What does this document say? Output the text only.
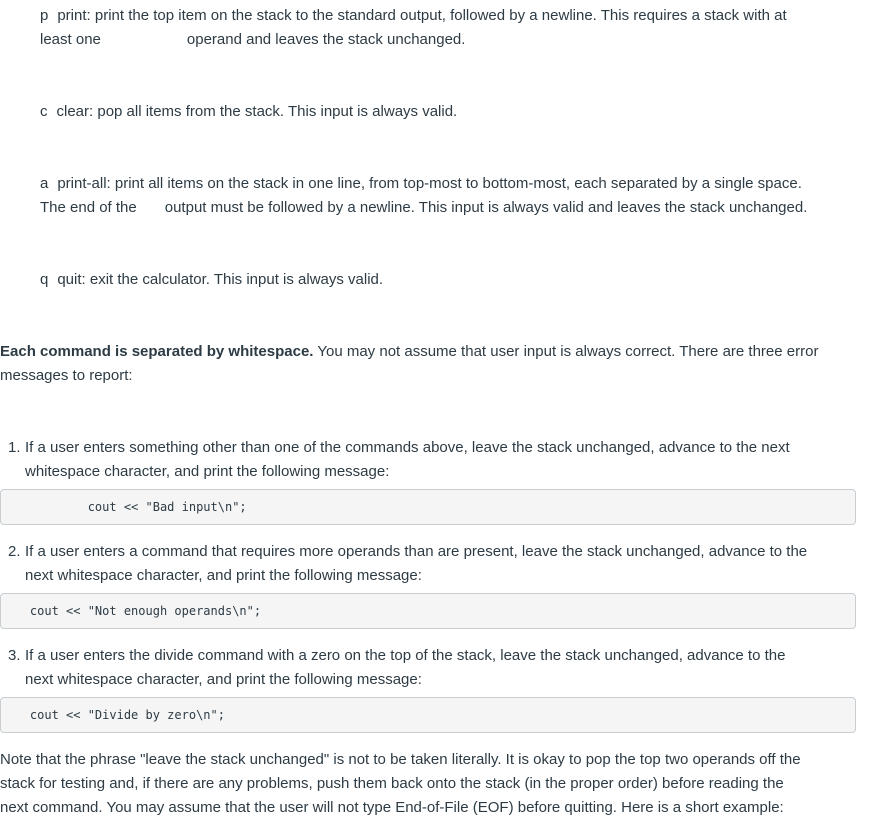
p print: print the top item on the stack to the standard output, followed by a newline. This requires a stack with at
least one	operand and leaves the stack unchanged.

c clear: pop all items from the stack. This input is always valid.

a print-all: print all items on the stack in one line, from top-most to bottom-most, each separated by a single space.
The end of the output must be followed by a newline. This input is always valid and leaves the stack unchanged.

q quit: exit the calculator. This input is always valid.

Each command is separated by whitespace. You may not assume that user input is always correct. There are three error
messages to report:

1. If a user enters something other than one of the commands above, leave the stack unchanged, advance to the next
whitespace character, and print the following message:

cout << "Bad input\n";

2. If a user enters a command that requires more operands than are present, leave the stack unchanged, advance to the
next whitespace character, and print the following message:

cout << "Not enough operands\n";

3. If a user enters the divide command with a zero on the top of the stack, leave the stack unchanged, advance to the
next whitespace character, and print the following message:

cout << "Divide by zero\n";

Note that the phrase "leave the stack unchanged" is not to be taken literally. It is okay to pop the top two operands off the
stack for testing and, if there are any problems, push them back onto the stack (in the proper order) before reading the
next command. You may assume that the user will not type End-of-File (EOF) before quitting. Here is a short example:
